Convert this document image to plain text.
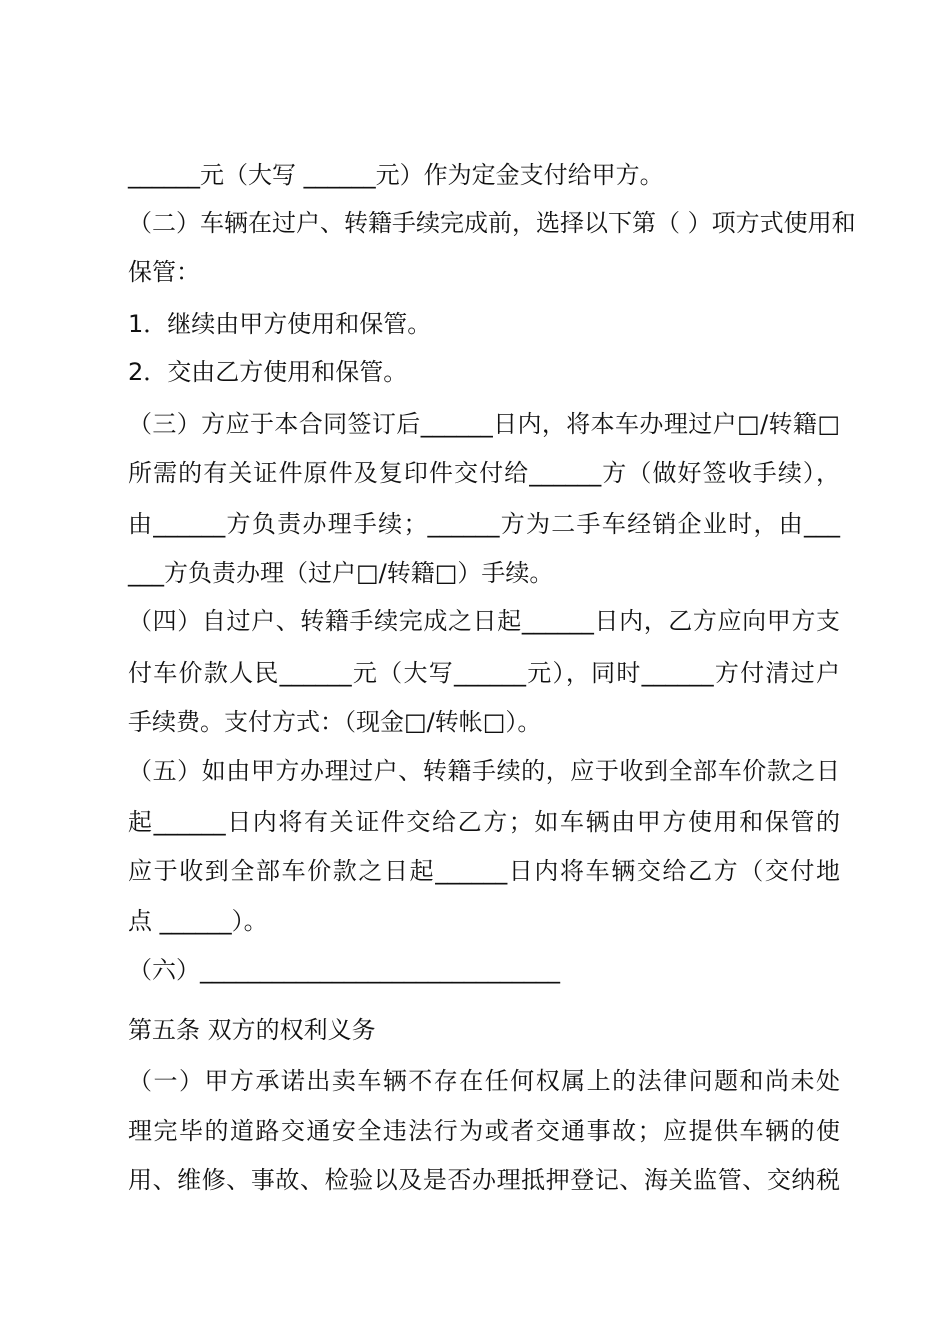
______元（大写 ______元）作为定金支付给甲方。
（二）车辆在过户、转籍手续完成前，选择以下第（ ）项方式使用和
保管：
1．继续由甲方使用和保管。
2．交由乙方使用和保管。
（三）方应于本合同签订后______日内，将本车办理过户□/转籍□
所需的有关证件原件及复印件交付给______方（做好签收手续），
由______方负责办理手续；______方为二手车经销企业时，由___
___方负责办理（过户□/转籍□）手续。
（四）自过户、转籍手续完成之日起______日内，乙方应向甲方支
付车价款人民______元（大写______元），同时______方付清过户
手续费。支付方式：（现金□/转帐□）。
（五）如由甲方办理过户、转籍手续的，应于收到全部车价款之日
起______日内将有关证件交给乙方；如车辆由甲方使用和保管的
应于收到全部车价款之日起______日内将车辆交给乙方（交付地
点 ______）。
（六）______________________________
第五条 双方的权利义务
（一）甲方承诺出卖车辆不存在任何权属上的法律问题和尚未处
理完毕的道路交通安全违法行为或者交通事故；应提供车辆的使
用、维修、事故、检验以及是否办理抵押登记、海关监管、交纳税
